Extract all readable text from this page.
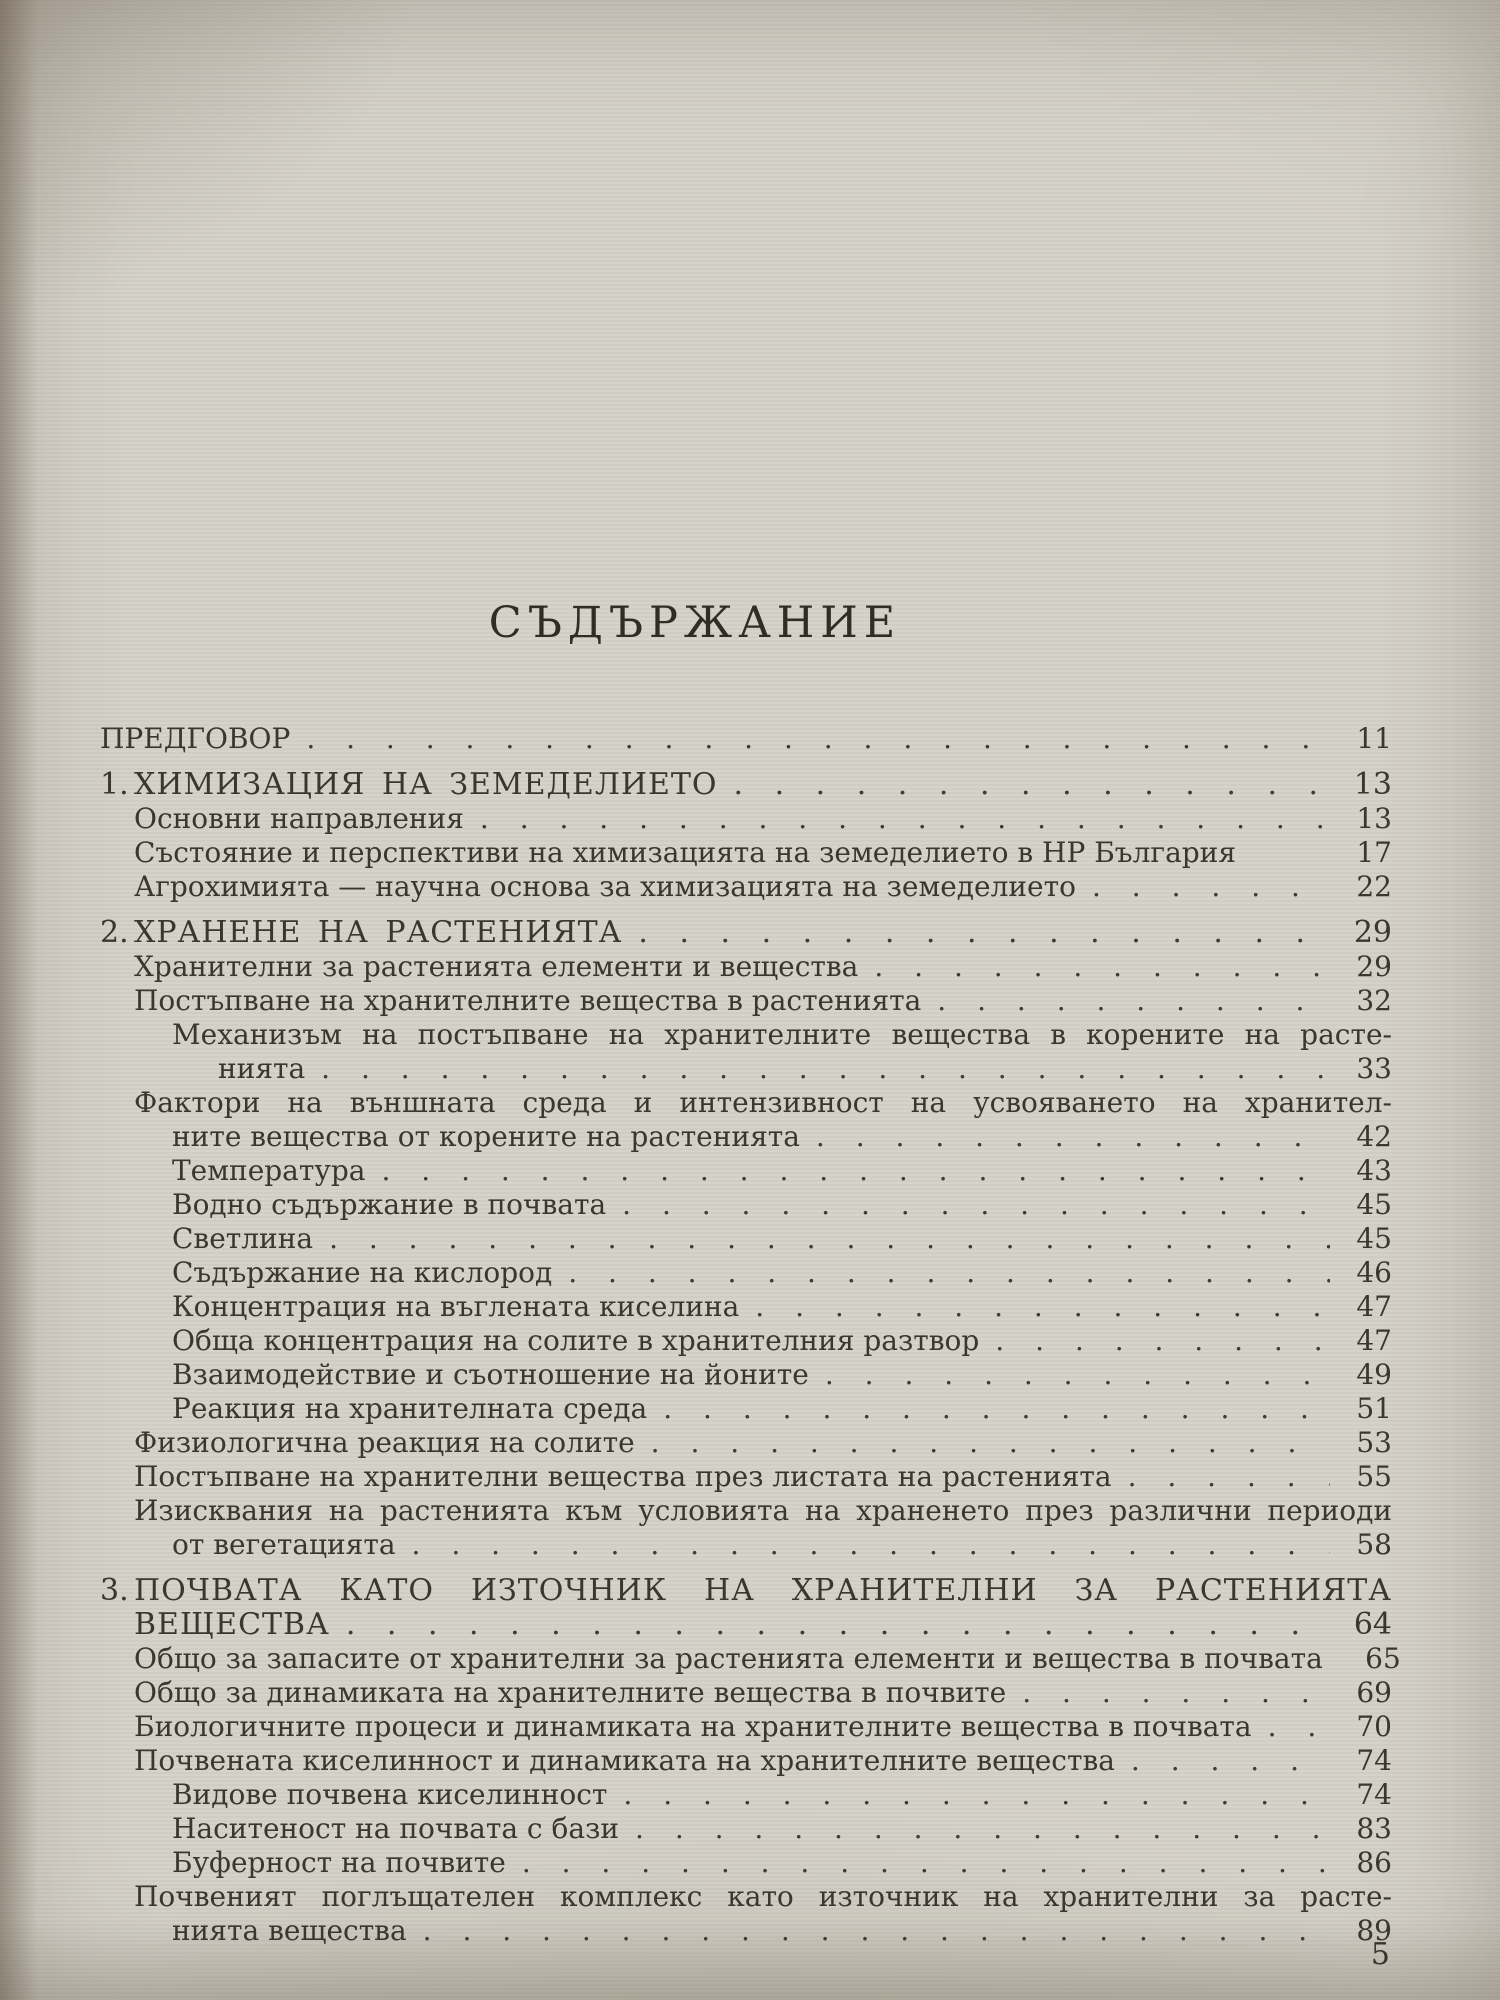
СЪДЪРЖАНИЕ
ПРЕДГОВОР . . .	11
1. ХИМИЗАЦИЯ НА ЗЕМЕДЕЛИЕТО . . .	13
Основни направления . . .	13
Състояние и перспективи на химизацията на земеделието в НР България	17
Агрохимията — научна основа за химизацията на земеделието . . .	22
2. ХРАНЕНЕ НА РАСТЕНИЯТА . . .	29
Хранителни за растенията елементи и вещества . . .	29
Постъпване на хранителните вещества в растенията . . .	32
Механизъм на постъпване на хранителните вещества в корените на расте-
нията . . .	33
Фактори на външната среда и интензивност на усвояването на хранител-
ните вещества от корените на растенията . . .	42
Температура . . .	43
Водно съдържание в почвата . . .	45
Светлина . . .	45
Съдържание на кислород . . .	46
Концентрация на въглената киселина . . .	47
Обща концентрация на солите в хранителния разтвор . . .	47
Взаимодействие и съотношение на йоните . . .	49
Реакция на хранителната среда . . .	51
Физиологична реакция на солите . . .	53
Постъпване на хранителни вещества през листата на растенията . . .	55
Изисквания на растенията към условията на храненето през различни периоди
от вегетацията . . .	58
3. ПОЧВАТА КАТО ИЗТОЧНИК НА ХРАНИТЕЛНИ ЗА РАСТЕНИЯТА
ВЕЩЕСТВА . . .	64
Общо за запасите от хранителни за растенията елементи и вещества в почвата	65
Общо за динамиката на хранителните вещества в почвите . . .	69
Биологичните процеси и динамиката на хранителните вещества в почвата . . .	70
Почвената киселинност и динамиката на хранителните вещества . . .	74
Видове почвена киселинност . . .	74
Наситеност на почвата с бази . . .	83
Буферност на почвите . . .	86
Почвеният поглъщателен комплекс като източник на хранителни за расте-
нията вещества . . .	89
5
